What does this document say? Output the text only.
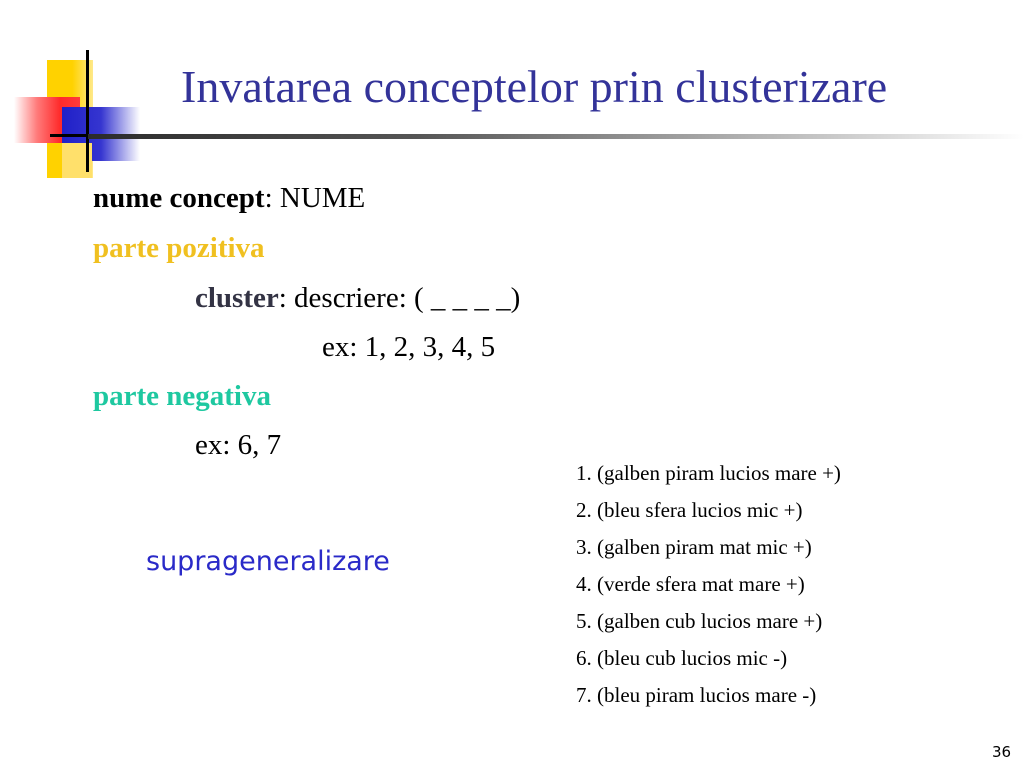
Invatarea conceptelor prin clusterizare
nume concept: NUME
parte pozitiva
cluster: descriere: ( _ _ _ _)
ex: 1, 2, 3, 4, 5
parte negativa
ex: 6, 7
suprageneralizare
1. (galben piram lucios mare +)
2. (bleu sfera lucios mic +)
3. (galben piram mat mic +)
4. (verde sfera mat mare +)
5. (galben cub lucios mare +)
6. (bleu cub lucios mic -)
7. (bleu piram lucios mare -)
36
